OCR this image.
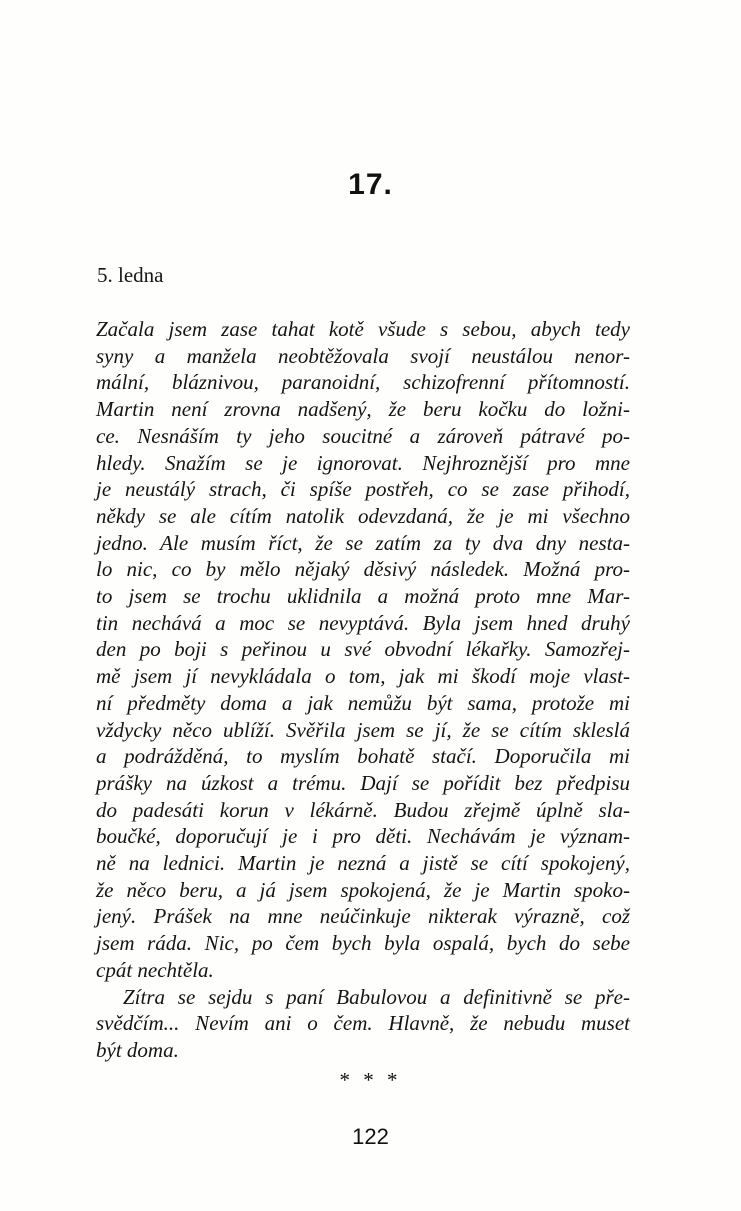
17.
5. ledna
Začala jsem zase tahat kotě všude s sebou, abych tedy
syny a manžela neobtěžovala svojí neustálou nenor-
mální, bláznivou, paranoidní, schizofrenní přítomností.
Martin není zrovna nadšený, že beru kočku do ložni-
ce. Nesnáším ty jeho soucitné a zároveň pátravé po-
hledy. Snažím se je ignorovat. Nejhroznější pro mne
je neustálý strach, či spíše postřeh, co se zase přihodí,
někdy se ale cítím natolik odevzdaná, že je mi všechno
jedno. Ale musím říct, že se zatím za ty dva dny nesta-
lo nic, co by mělo nějaký děsivý následek. Možná pro-
to jsem se trochu uklidnila a možná proto mne Mar-
tin nechává a moc se nevyptává. Byla jsem hned druhý
den po boji s peřinou u své obvodní lékařky. Samozřej-
mě jsem jí nevykládala o tom, jak mi škodí moje vlast-
ní předměty doma a jak nemůžu být sama, protože mi
vždycky něco ublíží. Svěřila jsem se jí, že se cítím skleslá
a podrážděná, to myslím bohatě stačí. Doporučila mi
prášky na úzkost a trému. Dají se pořídit bez předpisu
do padesáti korun v lékárně. Budou zřejmě úplně sla-
boučké, doporučují je i pro děti. Nechávám je význam-
ně na lednici. Martin je nezná a jistě se cítí spokojený,
že něco beru, a já jsem spokojená, že je Martin spoko-
jený. Prášek na mne neúčinkuje nikterak výrazně, což
jsem ráda. Nic, po čem bych byla ospalá, bych do sebe
cpát nechtěla.
Zítra se sejdu s paní Babulovou a definitivně se pře-
svědčím... Nevím ani o čem. Hlavně, že nebudu muset
být doma.
* * *
122
